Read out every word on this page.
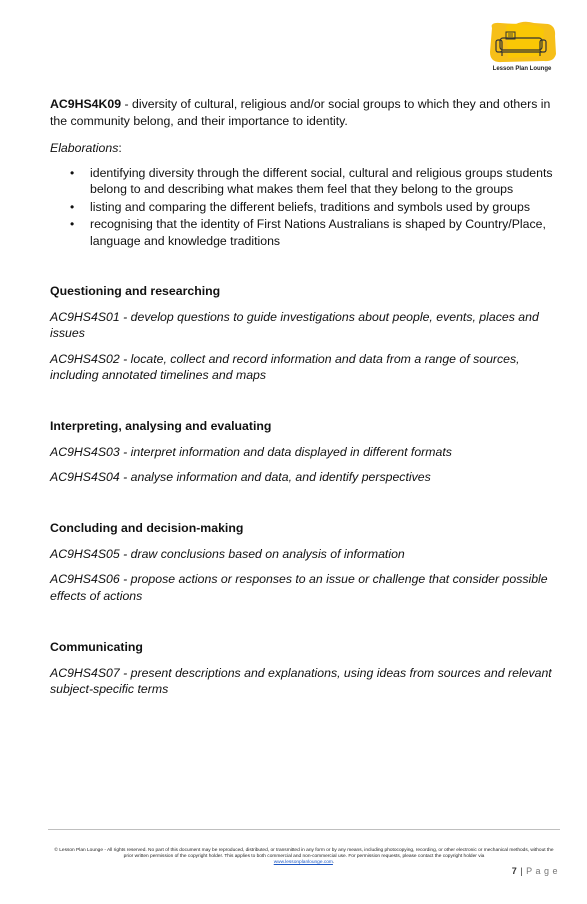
Lesson Plan Lounge

AC9HS4K09 - diversity of cultural, religious and/or social groups to which they and others in the community belong, and their importance to identity.

Elaborations:

• identifying diversity through the different social, cultural and religious groups students belong to and describing what makes them feel that they belong to the groups
• listing and comparing the different beliefs, traditions and symbols used by groups
• recognising that the identity of First Nations Australians is shaped by Country/Place, language and knowledge traditions

Questioning and researching

AC9HS4S01 - develop questions to guide investigations about people, events, places and issues

AC9HS4S02 - locate, collect and record information and data from a range of sources, including annotated timelines and maps

Interpreting, analysing and evaluating

AC9HS4S03 - interpret information and data displayed in different formats

AC9HS4S04 - analyse information and data, and identify perspectives

Concluding and decision-making

AC9HS4S05 - draw conclusions based on analysis of information

AC9HS4S06 - propose actions or responses to an issue or challenge that consider possible effects of actions

Communicating

AC9HS4S07 - present descriptions and explanations, using ideas from sources and relevant subject-specific terms

© Lesson Plan Lounge - All rights reserved. No part of this document may be reproduced, distributed, or transmitted in any form or by any means, including photocopying, recording, or other electronic or mechanical methods, without the prior written permission of the copyright holder. This applies to both commercial and non-commercial use. For permission requests, please contact the copyright holder via
www.lessonplanlounge.com.
7 | P a g e
